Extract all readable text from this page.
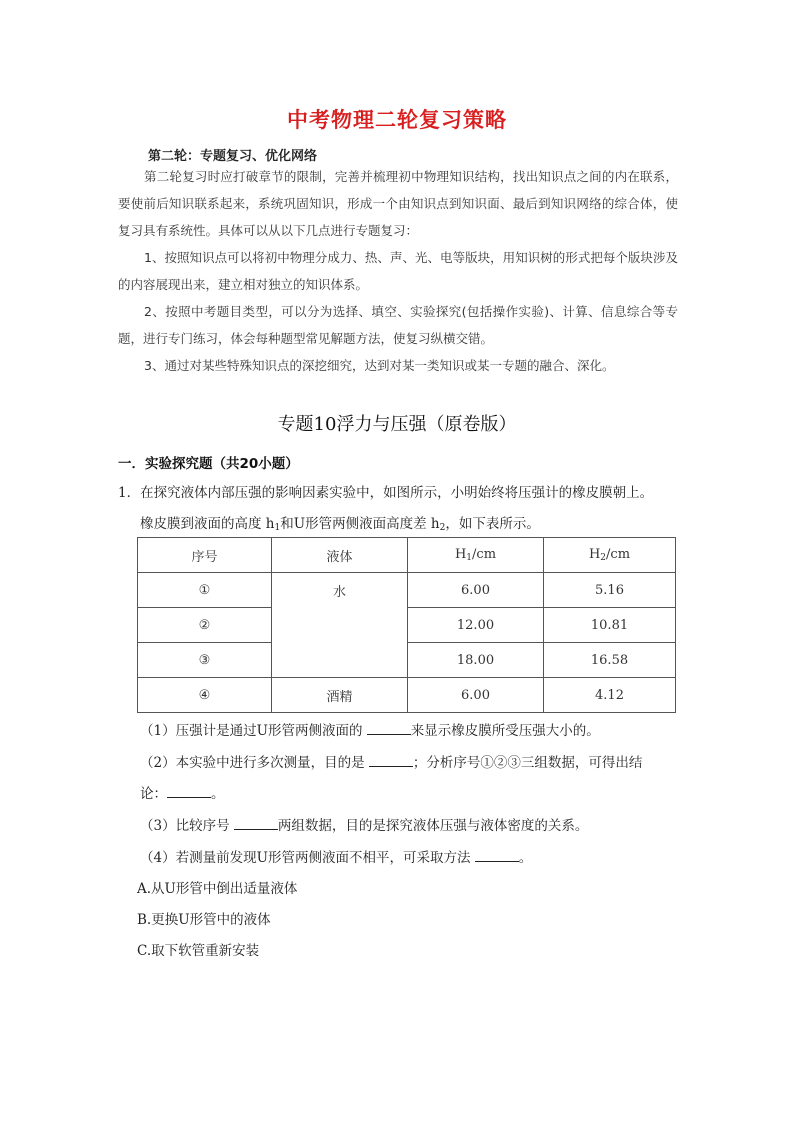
中考物理二轮复习策略
第二轮：专题复习、优化网络
第二轮复习时应打破章节的限制，完善并梳理初中物理知识结构，找出知识点之间的内在联系，要使前后知识联系起来，系统巩固知识，形成一个由知识点到知识面、最后到知识网络的综合体，使复习具有系统性。具体可以从以下几点进行专题复习：
1、按照知识点可以将初中物理分成力、热、声、光、电等版块，用知识树的形式把每个版块涉及的内容展现出来，建立相对独立的知识体系。
2、按照中考题目类型，可以分为选择、填空、实验探究(包括操作实验)、计算、信息综合等专题，进行专门练习，体会每种题型常见解题方法，使复习纵横交错。
3、通过对某些特殊知识点的深挖细究，达到对某一类知识或某一专题的融合、深化。
专题10浮力与压强（原卷版）
一．实验探究题（共20小题）
1．在探究液体内部压强的影响因素实验中，如图所示，小明始终将压强计的橡皮膜朝上。
橡皮膜到液面的高度 $h_1$和U形管两侧液面高度差 $h_2$，如下表所示。
序号	液体	$H_1/cm$	$H_2/cm$
①	水	6.00	5.16
②		12.00	10.81
③		18.00	16.58
④	酒精	6.00	4.12
（1）压强计是通过U形管两侧液面的	来显示橡皮膜所受压强大小的。
（2）本实验中进行多次测量，目的是	；分析序号①②③三组数据，可得出结
论：	。
（3）比较序号	两组数据，目的是探究液体压强与液体密度的关系。
（4）若测量前发现U形管两侧液面不相平，可采取方法	。
A.从U形管中倒出适量液体
B.更换U形管中的液体
C.取下软管重新安装
